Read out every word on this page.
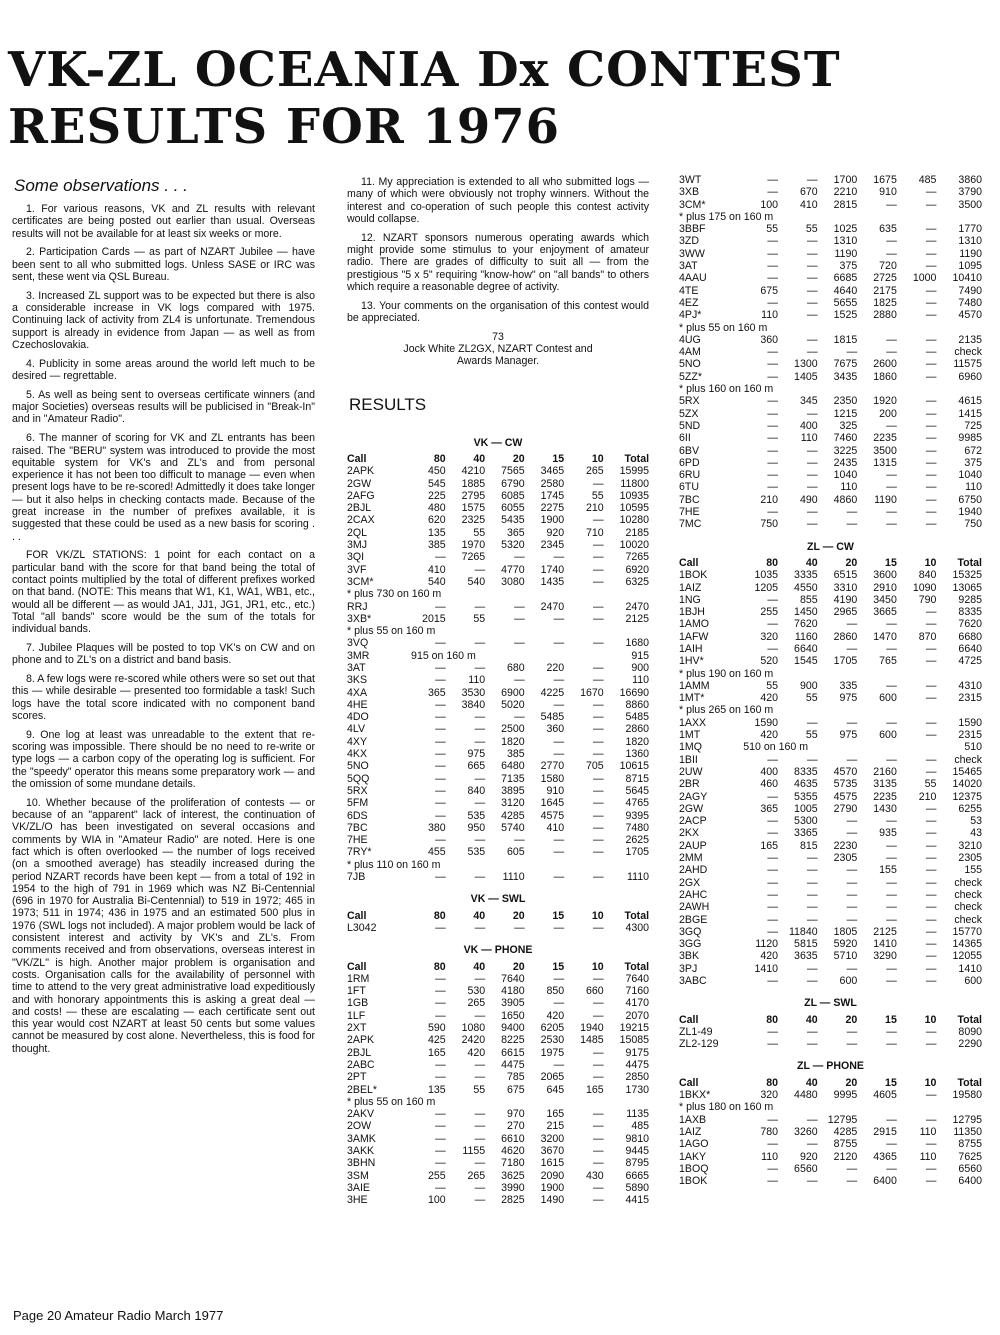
VK-ZL OCEANIA Dx CONTEST
RESULTS FOR 1976
Some observations . . .

1. For various reasons, VK and ZL results with relevant certificates are being posted out earlier than usual. Overseas results will not be available for at least six weeks or more.

2. Participation Cards — as part of NZART Jubilee — have been sent to all who submitted logs. Unless SASE or IRC was sent, these went via QSL Bureau.

3. Increased ZL support was to be expected but there is also a considerable increase in VK logs compared with 1975. Continuing lack of activity from ZL4 is unfortunate. Tremendous support is already in evidence from Japan — as well as from Czechoslovakia.

4. Publicity in some areas around the world left much to be desired — regrettable.

5. As well as being sent to overseas certificate winners (and major Societies) overseas results will be publicised in "Break-In" and in "Amateur Radio".

6. The manner of scoring for VK and ZL entrants has been raised. The "BERU" system was introduced to provide the most equitable system for VK's and ZL's and from personal experience it has not been too difficult to manage — even when present logs have to be re-scored! Admittedly it does take longer — but it also helps in checking contacts made. Because of the great increase in the number of prefixes available, it is suggested that these could be used as a new basis for scoring . . .

FOR VK/ZL STATIONS: 1 point for each contact on a particular band with the score for that band being the total of contact points multiplied by the total of different prefixes worked on that band. (NOTE: This means that W1, K1, WA1, WB1, etc., would all be different — as would JA1, JJ1, JG1, JR1, etc., etc.) Total "all bands" score would be the sum of the totals for individual bands.

7. Jubilee Plaques will be posted to top VK's on CW and on phone and to ZL's on a district and band basis.

8. A few logs were re-scored while others were so set out that this — while desirable — presented too formidable a task! Such logs have the total score indicated with no component band scores.

9. One log at least was unreadable to the extent that re-scoring was impossible. There should be no need to re-write or type logs — a carbon copy of the operating log is sufficient. For the "speedy" operator this means some preparatory work — and the omission of some mundane details.

10. Whether because of the proliferation of contests — or because of an "apparent" lack of interest, the continuation of VK/ZL/O has been investigated on several occasions and comments by WIA in "Amateur Radio" are noted. Here is one fact which is often overlooked — the number of logs received (on a smoothed average) has steadily increased during the period NZART records have been kept — from a total of 192 in 1954 to the high of 791 in 1969 which was NZ Bi-Centennial (696 in 1970 for Australia Bi-Centennial) to 519 in 1972; 465 in 1973; 511 in 1974; 436 in 1975 and an estimated 500 plus in 1976 (SWL logs not included). A major problem would be lack of consistent interest and activity by VK's and ZL's. From comments received and from observations, overseas interest in "VK/ZL" is high. Another major problem is organisation and costs. Organisation calls for the availability of personnel with time to attend to the very great administrative load expeditiously and with honorary appointments this is asking a great deal — and costs! — these are escalating — each certificate sent out this year would cost NZART at least 50 cents but some values cannot be measured by cost alone. Nevertheless, this is food for thought.

11. My appreciation is extended to all who submitted logs — many of which were obviously not trophy winners. Without the interest and co-operation of such people this contest activity would collapse.

12. NZART sponsors numerous operating awards which might provide some stimulus to your enjoyment of amateur radio. There are grades of difficulty to suit all — from the prestigious "5 x 5" requiring "know-how" on "all bands" to others which require a reasonable degree of activity.

13. Your comments on the organisation of this contest would be appreciated.

73
Jock White ZL2GX, NZART Contest and
Awards Manager.
RESULTS
VK — CW
Call	80	40	20	15	10	Total
2APK	450	4210	7565	3465	265	15995
2GW	545	1885	6790	2580	—	11800
2AFG	225	2795	6085	1745	55	10935
2BJL	480	1575	6055	2275	210	10595
2CAX	620	2325	5435	1900	—	10280
2QL	135	55	365	920	710	2185
3MJ	385	1970	5320	2345	—	10020
3QI	—	7265	—	—	—	7265
3VF	410	—	4770	1740	—	6920
3CM*	540	540	3080	1435	—	6325
* plus 730 on 160 m
RRJ	—	—	—	2470	—	2470
3XB*	2015	55	—	—	—	2125
* plus 55 on 160 m
3VQ	—	—	—	—	—	1680
3MR	915 on 160 m	915
3AT	—	—	680	220	—	900
3KS	—	110	—	—	—	110
4XA	365	3530	6900	4225	1670	16690
4HE	—	3840	5020	—	—	8860
4DO	—	—	—	5485	—	5485
4LV	—	—	2500	360	—	2860
4XY	—	—	1820	—	—	1820
4KX	—	975	385	—	—	1360
5NO	—	665	6480	2770	705	10615
5QQ	—	—	7135	1580	—	8715
5RX	—	840	3895	910	—	5645
5FM	—	—	3120	1645	—	4765
6DS	—	535	4285	4575	—	9395
7BC	380	950	5740	410	—	7480
7HE	—	—	—	—	—	2625
7RY*	455	535	605	—	—	1705
* plus 110 on 160 m
7JB	—	—	1110	—	—	1110
VK — SWL
Call	80	40	20	15	10	Total
L3042	—	—	—	—	—	4300
VK — PHONE
Call	80	40	20	15	10	Total
1RM	—	—	7640	—	—	7640
1FT	—	530	4180	850	660	7160
1GB	—	265	3905	—	—	4170
1LF	—	—	1650	420	—	2070
2XT	590	1080	9400	6205	1940	19215
2APK	425	2420	8225	2530	1485	15085
2BJL	165	420	6615	1975	—	9175
2ABC	—	—	4475	—	—	4475
2PT	—	—	785	2065	—	2850
2BEL*	135	55	675	645	165	1730
* plus 55 on 160 m
2AKV	—	—	970	165	—	1135
2OW	—	—	270	215	—	485
3AMK	—	—	6610	3200	—	9810
3AKK	—	1155	4620	3670	—	9445
3BHN	—	—	7180	1615	—	8795
3SM	255	265	3625	2090	430	6665
3AIE	—	—	3990	1900	—	5890
3HE	100	—	2825	1490	—	4415
3WT	—	—	1700	1675	485	3860
3XB	—	670	2210	910	—	3790
3CM*	100	410	2815	—	—	3500
* plus 175 on 160 m
3BBF	55	55	1025	635	—	1770
3ZD	—	—	1310	—	—	1310
3WW	—	—	1190	—	—	1190
3AT	—	—	375	720	—	1095
4AAU	—	—	6685	2725	1000	10410
4TE	675	—	4640	2175	—	7490
4EZ	—	—	5655	1825	—	7480
4PJ*	110	—	1525	2880	—	4570
* plus 55 on 160 m
4UG	360	—	1815	—	—	2135
4AM	—	—	—	—	—	check
5NO	—	1300	7675	2600	—	11575
5ZZ*	—	1405	3435	1860	—	6960
* plus 160 on 160 m
5RX	—	345	2350	1920	—	4615
5ZX	—	—	1215	200	—	1415
5ND	—	400	325	—	—	725
6II	—	110	7460	2235	—	9985
6BV	—	—	3225	3500	—	672
6PD	—	—	2435	1315	—	375
6RU	—	—	1040	—	—	1040
6TU	—	—	110	—	—	110
7BC	210	490	4860	1190	—	6750
7HE	—	—	—	—	—	1940
7MC	750	—	—	—	—	750
ZL — CW
Call	80	40	20	15	10	Total
1BOK	1035	3335	6515	3600	840	15325
1AIZ	1205	4550	3310	2910	1090	13065
1NG	—	855	4190	3450	790	9285
1BJH	255	1450	2965	3665	—	8335
1AMO	—	7620	—	—	—	7620
1AFW	320	1160	2860	1470	870	6680
1AIH	—	6640	—	—	—	6640
1HV*	520	1545	1705	765	—	4725
* plus 190 on 160 m
1AMM	55	900	335	—	—	4310
1MT*	420	55	975	600	—	2315
* plus 265 on 160 m
1AXX	1590	—	—	—	—	1590
1MT	420	55	975	600	—	2315
1MQ	510 on 160 m	510
1BII	—	—	—	—	—	check
2UW	400	8335	4570	2160	—	15465
2BR	460	4635	5735	3135	55	14020
2AGY	—	5355	4575	2235	210	12375
2GW	365	1005	2790	1430	—	6255
2ACP	—	5300	—	—	—	53
2KX	—	3365	—	935	—	43
2AUP	165	815	2230	—	—	3210
2MM	—	—	2305	—	—	2305
2AHD	—	—	—	155	—	155
2GX	—	—	—	—	—	check
2AHC	—	—	—	—	—	check
2AWH	—	—	—	—	—	check
2BGE	—	—	—	—	—	check
3GQ	—	11840	1805	2125	—	15770
3GG	1120	5815	5920	1410	—	14365
3BK	420	3635	5710	3290	—	12055
3PJ	1410	—	—	—	—	1410
3ABC	—	—	600	—	—	600
ZL — SWL
Call	80	40	20	15	10	Total
ZL1-49	—	—	—	—	—	8090
ZL2-129	—	—	—	—	—	2290
ZL — PHONE
Call	80	40	20	15	10	Total
1BKX*	320	4480	9995	4605	—	19580
* plus 180 on 160 m
1AXB	—	— 12795	—	—	12795
1AIZ	780	3260	4285	2915	110	11350
1AGO	—	—	8755	—	—	8755
1AKY	110	920	2120	4365	110	7625
1BOQ	—	6560	—	—	—	6560
1BOK	—	—	—	6400	—	6400
Page 20 Amateur Radio March 1977
